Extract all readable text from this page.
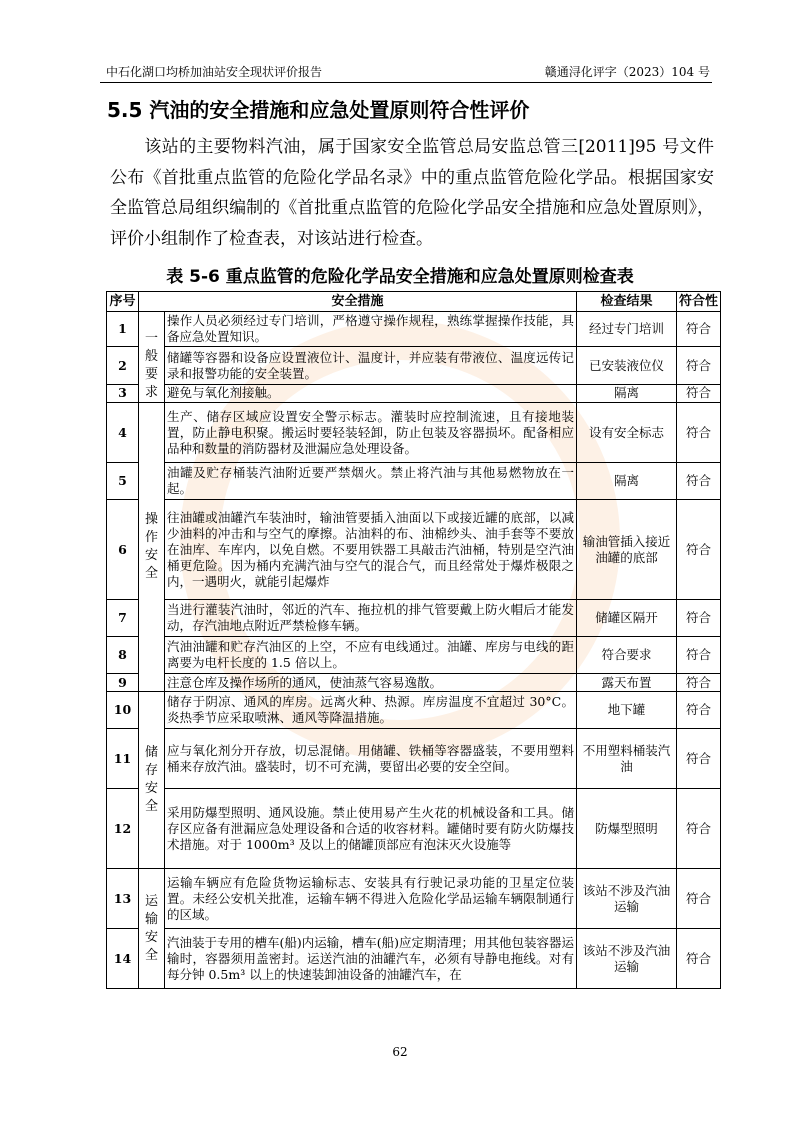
中石化湖口均桥加油站安全现状评价报告	赣通浔化评字（2023）104 号
5.5 汽油的安全措施和应急处置原则符合性评价

该站的主要物料汽油，属于国家安全监管总局安监总管三[2011]95 号文件公布《首批重点监管的危险化学品名录》中的重点监管危险化学品。根据国家安全监管总局组织编制的《首批重点监管的危险化学品安全措施和应急处置原则》，评价小组制作了检查表，对该站进行检查。

表 5-6 重点监管的危险化学品安全措施和应急处置原则检查表
序号	安全措施		检查结果	符合性
1	一般要求	操作人员必须经过专门培训，严格遵守操作规程，熟练掌握操作技能，具备应急处置知识。	经过专门培训	符合
2		储罐等容器和设备应设置液位计、温度计，并应装有带液位、温度远传记录和报警功能的安全装置。	已安装液位仪	符合
3		避免与氧化剂接触。	隔离	符合
4	操作安全	生产、储存区域应设置安全警示标志。灌装时应控制流速，且有接地装置，防止静电积聚。搬运时要轻装轻卸，防止包装及容器损坏。配备相应品种和数量的消防器材及泄漏应急处理设备。	设有安全标志	符合
5		油罐及贮存桶装汽油附近要严禁烟火。禁止将汽油与其他易燃物放在一起。	隔离	符合
6		往油罐或油罐汽车装油时，输油管要插入油面以下或接近罐的底部，以减少油料的冲击和与空气的摩擦。沾油料的布、油棉纱头、油手套等不要放在油库、车库内，以免自燃。不要用铁器工具敲击汽油桶，特别是空汽油桶更危险。因为桶内充满汽油与空气的混合气，而且经常处于爆炸极限之内，一遇明火，就能引起爆炸	输油管插入接近油罐的底部	符合
7		当进行灌装汽油时，邻近的汽车、拖拉机的排气管要戴上防火帽后才能发动，存汽油地点附近严禁检修车辆。	储罐区隔开	符合
8		汽油油罐和贮存汽油区的上空，不应有电线通过。油罐、库房与电线的距离要为电杆长度的 1.5 倍以上。	符合要求	符合
9		注意仓库及操作场所的通风，使油蒸气容易逸散。	露天布置	符合
10	储存安全	储存于阴凉、通风的库房。远离火种、热源。库房温度不宜超过 30°C。炎热季节应采取喷淋、通风等降温措施。	地下罐	符合
11		应与氧化剂分开存放，切忌混储。用储罐、铁桶等容器盛装，不要用塑料桶来存放汽油。盛装时，切不可充满，要留出必要的安全空间。	不用塑料桶装汽油	符合
12		采用防爆型照明、通风设施。禁止使用易产生火花的机械设备和工具。储存区应备有泄漏应急处理设备和合适的收容材料。罐储时要有防火防爆技术措施。对于 1000m³ 及以上的储罐顶部应有泡沫灭火设施等	防爆型照明	符合
13	运输安全	运输车辆应有危险货物运输标志、安装具有行驶记录功能的卫星定位装置。未经公安机关批准，运输车辆不得进入危险化学品运输车辆限制通行的区域。	该站不涉及汽油运输	符合
14		汽油装于专用的槽车(船)内运输，槽车(船)应定期清理；用其他包装容器运输时，容器须用盖密封。运送汽油的油罐汽车，必须有导静电拖线。对有每分钟 0.5m³ 以上的快速装卸油设备的油罐汽车，在	该站不涉及汽油运输	符合
62
